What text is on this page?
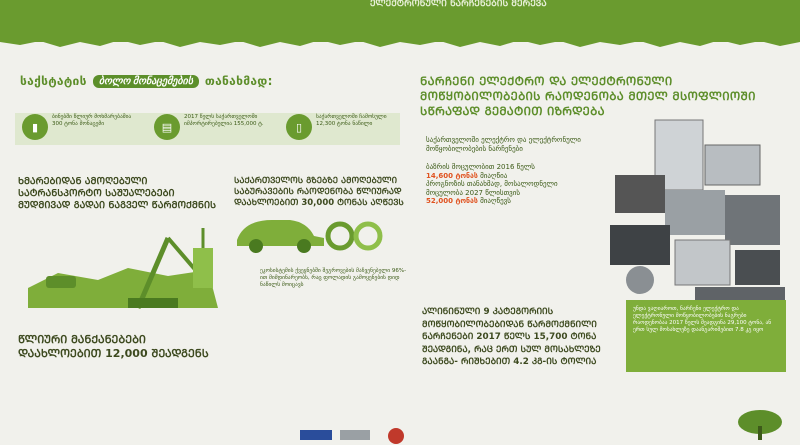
ᲔᲚᲔᲥᲢᲠᲝᲜᲣᲚᲘ ᲜᲐᲠᲩᲔᲜᲔᲑᲘᲡ ᲛᲔᲠᲔᲕᲐ
საქსტატის	ბოლო მონაცემების	თანახმად:
▮
ბინებში წლიურ მოხმარებაშია 300 ტონა მონაცემი	▤
2017 წელს საქართველოში იმპორტირებულია 155,000 ტ.	▯
საქართველოში ჩამოსული 12,300 ტონა ნაწილი
ᲮᲛᲐᲠᲔᲑᲘᲓᲐᲜ ᲐᲛᲝᲦᲔᲑᲣᲚᲘ ᲡᲐᲢᲠᲐᲜᲡᲞᲝᲠᲢᲝ ᲡᲐᲨᲣᲐᲚᲔᲑᲔᲑᲘ ᲛᲣᲓᲛᲘᲕᲐᲓ ᲒᲐᲓᲐᲘ ᲜᲐᲒᲕᲔᲚ ᲬᲐᲠᲛᲝᲥᲛᲜᲘᲡ
ᲬᲚᲘᲣᲠᲘ ᲛᲐᲜᲥᲐᲜᲔᲑᲔᲑᲘ ᲓᲐᲐᲮᲚᲝᲔᲑᲘᲗ 12,000 ᲨᲔᲐᲓᲒᲔᲜᲡ
ᲡᲐᲥᲐᲠᲗᲕᲔᲚᲝᲡ ᲒᲖᲔᲑᲖᲔ ᲐᲛᲝᲦᲔᲑᲣᲚᲘ ᲡᲐᲑᲣᲠᲐᲕᲔᲑᲘᲡ ᲠᲐᲝᲓᲔᲜᲝᲑᲐ ᲬᲚᲘᲣᲠᲐᲓ ᲓᲐᲐᲮᲚᲝᲔᲑᲘᲗ 30,000 ᲢᲝᲜᲐᲡ ᲐᲦᲬᲔᲕᲡ
ეკოსისტემის ქვეყნებში შეგროვების მაჩვენებელი 96%-ით მიმდინარეობს, რაც ფოლადის გამოყენების დიდ ნაწილს მოიცავს
ᲜᲐᲠᲩᲔᲜᲘ ᲔᲚᲔᲥᲢᲠᲝ ᲓᲐ ᲔᲚᲔᲥᲢᲠᲝᲜᲣᲚᲘ ᲛᲝᲬᲧᲝᲑᲘᲚᲝᲑᲔᲑᲘᲡ ᲠᲐᲝᲓᲔᲜᲝᲑᲐ ᲛᲗᲔᲚ ᲛᲡᲝᲤᲚᲘᲝᲨᲘ ᲡᲬᲠᲐᲤᲐᲓ ᲒᲔᲛᲐᲢᲘᲗ ᲘᲖᲠᲓᲔᲑᲐ
საქართველოში ელექტრო და ელექტრონული მოწყობილობების ნარჩენები
ბაზრის მოცულობით 2016 წელს
14,600 ტონას მიაღწია
პროგნოზის თანახმად, მოსალოდნელი მოცულობა 2027 წლისთვის
52,000 ტონას მიაღწევს
ᲐᲚᲘᲜᲘᲜᲣᲚᲘ 9 ᲙᲐᲢᲔᲒᲝᲠᲘᲘᲡ ᲛᲝᲬᲧᲝᲑᲘᲚᲝᲑᲔᲑᲘᲓᲐᲜ ᲬᲐᲠᲛᲝᲥᲛᲜᲘᲚᲘ ᲜᲐᲠᲩᲔᲜᲔᲑᲘ 2017 ᲬᲔᲚᲡ 15,700 ᲢᲝᲜᲐ ᲨᲔᲐᲓᲒᲘᲜᲐ, ᲠᲐᲪ ᲔᲠᲗ ᲡᲣᲚ ᲛᲝᲡᲐᲮᲚᲔᲖᲔ ᲒᲐᲐᲜᲒᲐ- ᲠᲘᲨᲮᲔᲑᲘᲗ 4.2 ᲙᲒ-ᲘᲡ ᲢᲝᲚᲘᲐ
უნდა ვაღიაროთ, ნარჩენი ელექტრო და ელექტრონული მოწყობილობების ნაგრები რაოდენობაა 2017 წელს შეადგინა 29,100 ტონა, ან ერთ სულ მოსახლეზე დაანგარიშებით 7.8 კგ იყო
